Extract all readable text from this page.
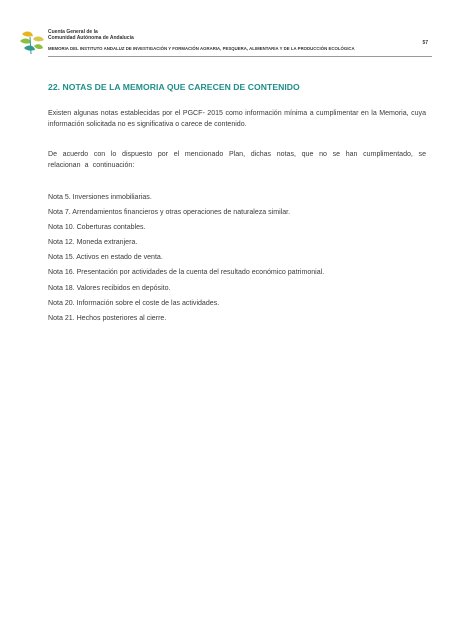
Cuenta General de la
Comunidad Autónoma de Andalucía
57
MEMORIA DEL INSTITUTO ANDALUZ DE INVESTIGACIÓN Y FORMACIÓN AGRARIA, PESQUERA, ALIMENTARIA Y DE LA PRODUCCIÓN ECOLÓGICA
22. NOTAS DE LA MEMORIA QUE CARECEN DE CONTENIDO

Existen algunas notas establecidas por el PGCF- 2015 como información mínima a cumplimentar en la Memoria, cuya información solicitada no es significativa o carece de contenido.

De acuerdo con lo dispuesto por el mencionado Plan, dichas notas, que no se han cumplimentado, se relacionan a continuación:

Nota 5. Inversiones inmobiliarias.
Nota 7. Arrendamientos financieros y otras operaciones de naturaleza similar.
Nota 10. Coberturas contables.
Nota 12. Moneda extranjera.
Nota 15. Activos en estado de venta.
Nota 16. Presentación por actividades de la cuenta del resultado económico patrimonial.
Nota 18. Valores recibidos en depósito.
Nota 20. Información sobre el coste de las actividades.
Nota 21. Hechos posteriores al cierre.
